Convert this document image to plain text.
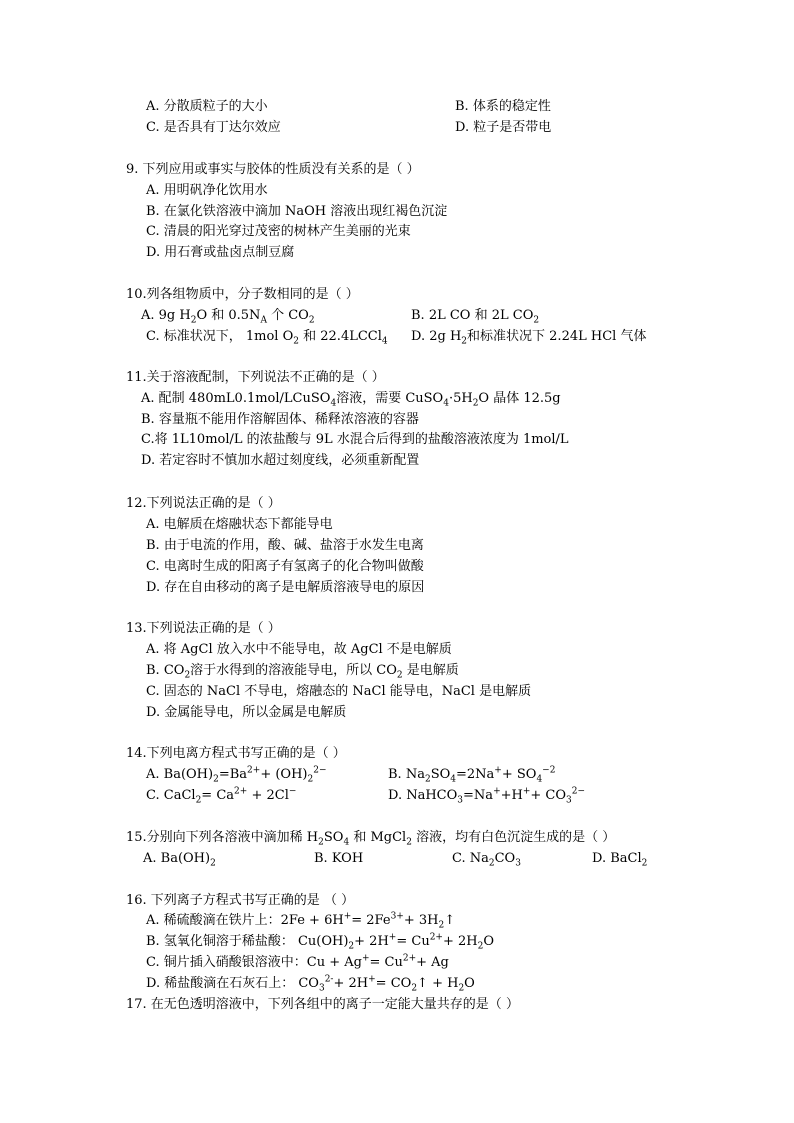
A. 分散质粒子的大小	B. 体系的稳定性
C. 是否具有丁达尔效应	D. 粒子是否带电
9. 下列应用或事实与胶体的性质没有关系的是（ ）
A. 用明矾净化饮用水
B. 在氯化铁溶液中滴加 NaOH 溶液出现红褐色沉淀
C. 清晨的阳光穿过茂密的树林产生美丽的光束
D. 用石膏或盐卤点制豆腐
10.列各组物质中，分子数相同的是（ ）
A. 9g $H_2O$ 和 $0.5N_A$ 个 $CO_2$	B. 2L CO 和 2L $CO_2$
C. 标准状况下， 1mol $O_2$ 和 22.4LCCl$_4$ D. 2g $H_2$和标准状况下 2.24L HCl 气体
11.关于溶液配制，下列说法不正确的是（ ）
A. 配制 480mL0.1mol/LCuSO$_4$溶液，需要 $CuSO_4\cdot 5H_2O$ 晶体 12.5g
B. 容量瓶不能用作溶解固体、稀释浓溶液的容器
C.将 1L10mol/L 的浓盐酸与 9L 水混合后得到的盐酸溶液浓度为 1mol/L
D. 若定容时不慎加水超过刻度线，必须重新配置
12.下列说法正确的是（ ）
A. 电解质在熔融状态下都能导电
B. 由于电流的作用，酸、碱、盐溶于水发生电离
C. 电离时生成的阳离子有氢离子的化合物叫做酸
D. 存在自由移动的离子是电解质溶液导电的原因
13.下列说法正确的是（ ）
A. 将 AgCl 放入水中不能导电，故 AgCl 不是电解质
B. $CO_2$溶于水得到的溶液能导电，所以 $CO_2$ 是电解质
C. 固态的 NaCl 不导电，熔融态的 NaCl 能导电，NaCl 是电解质
D. 金属能导电，所以金属是电解质
14.下列电离方程式书写正确的是（ ）
A. $Ba(OH)_2=Ba^{2+}+ (OH)_2^{2-}$	B. $Na_2SO_4=2Na^++ SO_4^{-2}$
C. CaCl$_2$= $Ca^{2+} + 2Cl^-$	D. NaHCO$_3$=Na++H++ $CO_3^{2-}$
15.分别向下列各溶液中滴加稀 $H_2SO_4$ 和 MgCl$_2$ 溶液，均有白色沉淀生成的是（ ）
A. $Ba(OH)_2$	B. KOH	C. $Na_2CO_3$	D. BaCl$_2$
16. 下列离子方程式书写正确的是 （ ）
A. 稀硫酸滴在铁片上：$2Fe + 6H^+= 2Fe^{3+}+$ $3H_2↑$
B. 氢氧化铜溶于稀盐酸： $Cu(OH)_2+ 2H^+= Cu^{2+}+ 2H_2O$
C. 铜片插入硝酸银溶液中：$Cu + Ag^+= Cu^{2+}+ Ag$
D. 稀盐酸滴在石灰石上： $CO_3^{2-}+ 2H^+=$ $CO_2↑ + H_2O$
17. 在无色透明溶液中，下列各组中的离子一定能大量共存的是（ ）
